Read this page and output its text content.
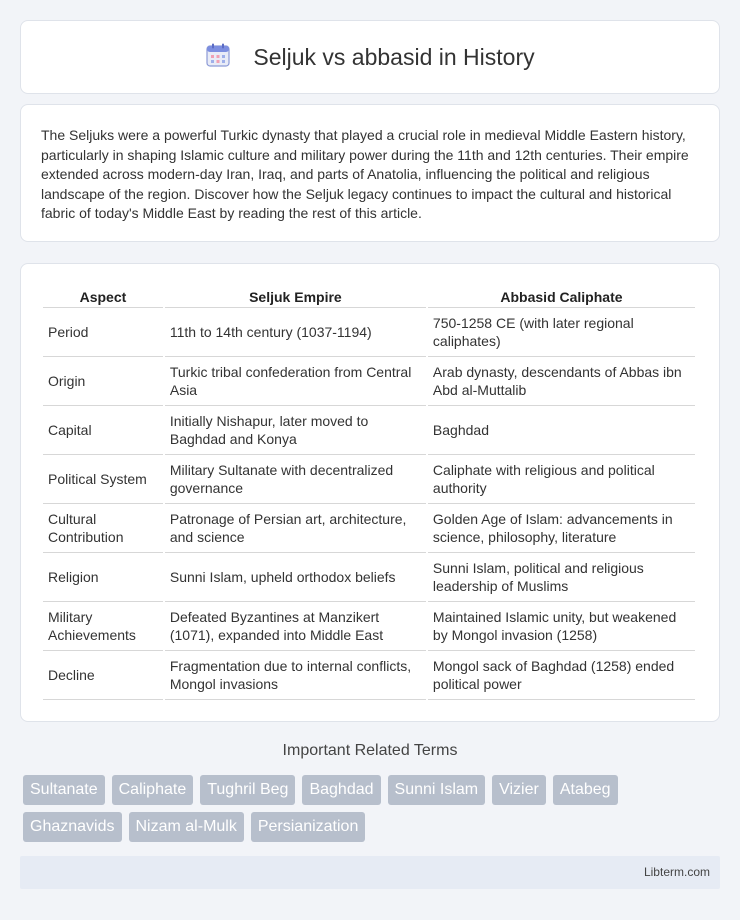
Seljuk vs abbasid in History

The Seljuks were a powerful Turkic dynasty that played a crucial role in medieval Middle Eastern history, particularly in shaping Islamic culture and military power during the 11th and 12th centuries. Their empire extended across modern-day Iran, Iraq, and parts of Anatolia, influencing the political and religious landscape of the region. Discover how the Seljuk legacy continues to impact the cultural and historical fabric of today's Middle East by reading the rest of this article.

Aspect	Seljuk Empire	Abbasid Caliphate
Period	11th to 14th century (1037-1194)	750-1258 CE (with later regional caliphates)
Origin	Turkic tribal confederation from Central Asia	Arab dynasty, descendants of Abbas ibn Abd al-Muttalib
Capital	Initially Nishapur, later moved to Baghdad and Konya	Baghdad
Political System	Military Sultanate with decentralized governance	Caliphate with religious and political authority
Cultural Contribution	Patronage of Persian art, architecture, and science	Golden Age of Islam: advancements in science, philosophy, literature
Religion	Sunni Islam, upheld orthodox beliefs	Sunni Islam, political and religious leadership of Muslims
Military Achievements	Defeated Byzantines at Manzikert (1071), expanded into Middle East	Maintained Islamic unity, but weakened by Mongol invasion (1258)
Decline	Fragmentation due to internal conflicts, Mongol invasions	Mongol sack of Baghdad (1258) ended political power
Important Related Terms
Sultanate	Caliphate	Tughril Beg	Baghdad	Sunni Islam	Vizier	Atabeg
Ghaznavids	Nizam al-Mulk	Persianization
Libterm.com
